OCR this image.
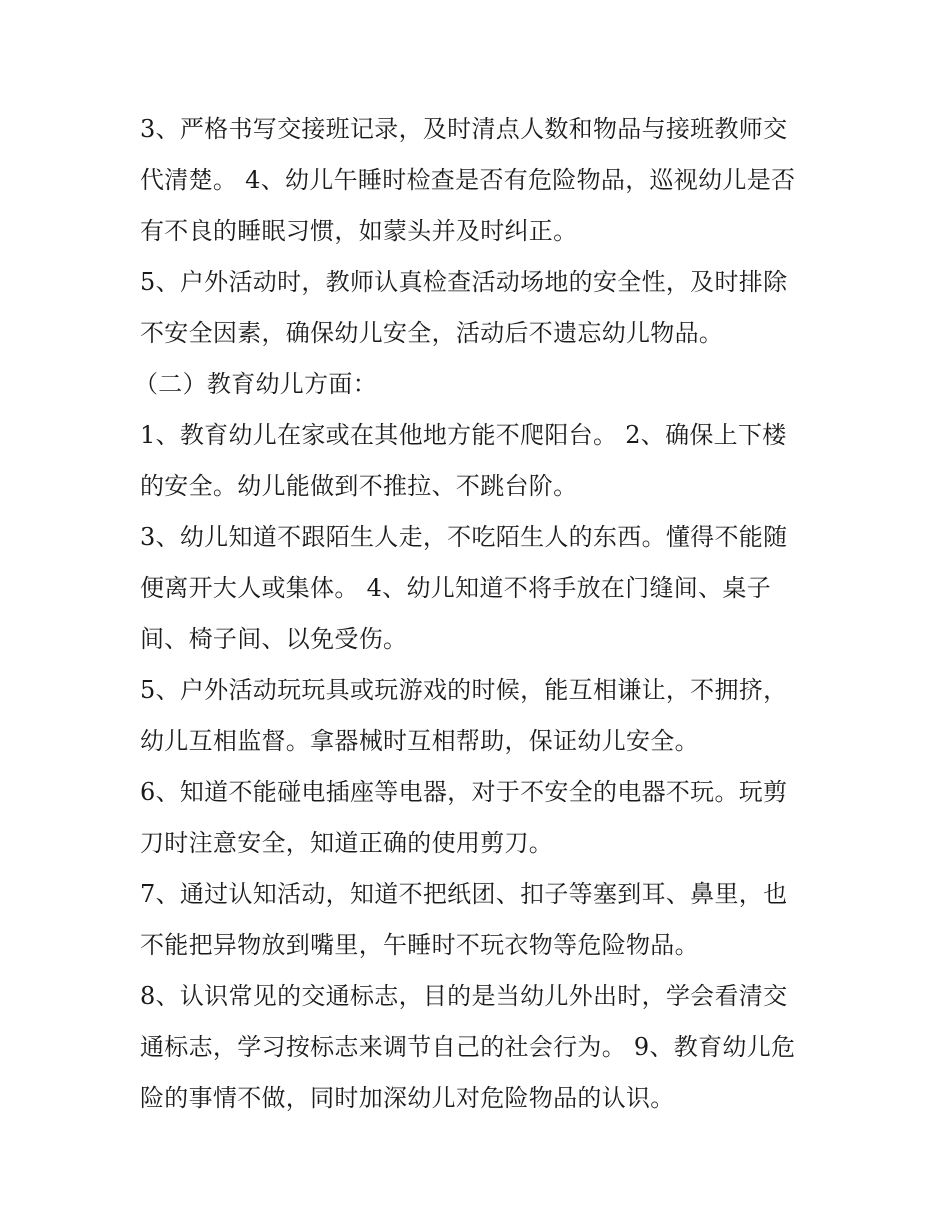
3、严格书写交接班记录，及时清点人数和物品与接班教师交
代清楚。 4、幼儿午睡时检查是否有危险物品，巡视幼儿是否
有不良的睡眠习惯，如蒙头并及时纠正。
5、户外活动时，教师认真检查活动场地的安全性，及时排除
不安全因素，确保幼儿安全，活动后不遗忘幼儿物品。
（二）教育幼儿方面：
1、教育幼儿在家或在其他地方能不爬阳台。 2、确保上下楼
的安全。幼儿能做到不推拉、不跳台阶。
3、幼儿知道不跟陌生人走，不吃陌生人的东西。懂得不能随
便离开大人或集体。 4、幼儿知道不将手放在门缝间、桌子
间、椅子间、以免受伤。
5、户外活动玩玩具或玩游戏的时候，能互相谦让，不拥挤，
幼儿互相监督。拿器械时互相帮助，保证幼儿安全。
6、知道不能碰电插座等电器，对于不安全的电器不玩。玩剪
刀时注意安全，知道正确的使用剪刀。
7、通过认知活动，知道不把纸团、扣子等塞到耳、鼻里，也
不能把异物放到嘴里，午睡时不玩衣物等危险物品。
8、认识常见的交通标志，目的是当幼儿外出时，学会看清交
通标志，学习按标志来调节自己的社会行为。 9、教育幼儿危
险的事情不做，同时加深幼儿对危险物品的认识。
